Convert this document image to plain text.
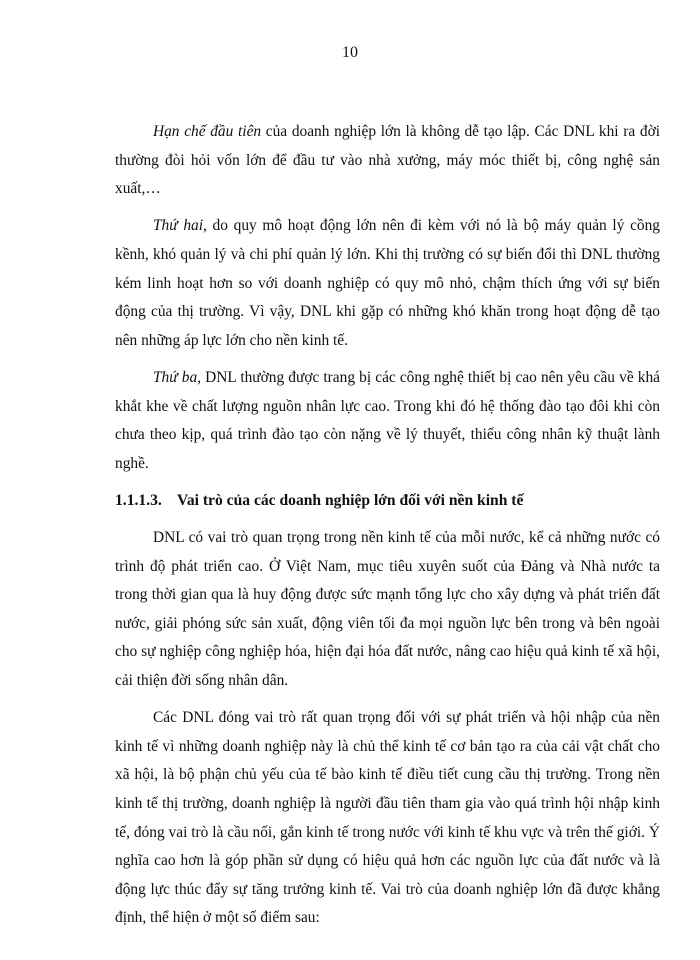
10

Hạn chế đầu tiên của doanh nghiệp lớn là không dễ tạo lập. Các DNL khi ra đời thường đòi hỏi vốn lớn để đầu tư vào nhà xưởng, máy móc thiết bị, công nghệ sản xuất,…

Thứ hai, do quy mô hoạt động lớn nên đi kèm với nó là bộ máy quản lý cồng kềnh, khó quản lý và chi phí quản lý lớn. Khi thị trường có sự biến đổi thì DNL thường kém linh hoạt hơn so với doanh nghiệp có quy mô nhỏ, chậm thích ứng với sự biến động của thị trường. Vì vậy, DNL khi gặp có những khó khăn trong hoạt động dễ tạo nên những áp lực lớn cho nền kinh tế.

Thứ ba, DNL thường được trang bị các công nghệ thiết bị cao nên yêu cầu về khá khắt khe về chất lượng nguồn nhân lực cao. Trong khi đó hệ thống đào tạo đôi khi còn chưa theo kịp, quá trình đào tạo còn nặng về lý thuyết, thiếu công nhân kỹ thuật lành nghề.

1.1.1.3. Vai trò của các doanh nghiệp lớn đối với nền kinh tế

DNL có vai trò quan trọng trong nền kinh tế của mỗi nước, kể cả những nước có trình độ phát triển cao. Ở Việt Nam, mục tiêu xuyên suốt của Đảng và Nhà nước ta trong thời gian qua là huy động được sức mạnh tổng lực cho xây dựng và phát triển đất nước, giải phóng sức sản xuất, động viên tối đa mọi nguồn lực bên trong và bên ngoài cho sự nghiệp công nghiệp hóa, hiện đại hóa đất nước, nâng cao hiệu quả kinh tế xã hội, cải thiện đời sống nhân dân.

Các DNL đóng vai trò rất quan trọng đối với sự phát triển và hội nhập của nền kinh tế vì những doanh nghiệp này là chủ thể kinh tế cơ bản tạo ra của cải vật chất cho xã hội, là bộ phận chủ yếu của tế bào kinh tế điều tiết cung cầu thị trường. Trong nền kinh tế thị trường, doanh nghiệp là người đầu tiên tham gia vào quá trình hội nhập kinh tế, đóng vai trò là cầu nối, gắn kinh tế trong nước với kinh tế khu vực và trên thế giới. Ý nghĩa cao hơn là góp phần sử dụng có hiệu quả hơn các nguồn lực của đất nước và là động lực thúc đẩy sự tăng trưởng kinh tế. Vai trò của doanh nghiệp lớn đã được khẳng định, thể hiện ở một số điểm sau:
